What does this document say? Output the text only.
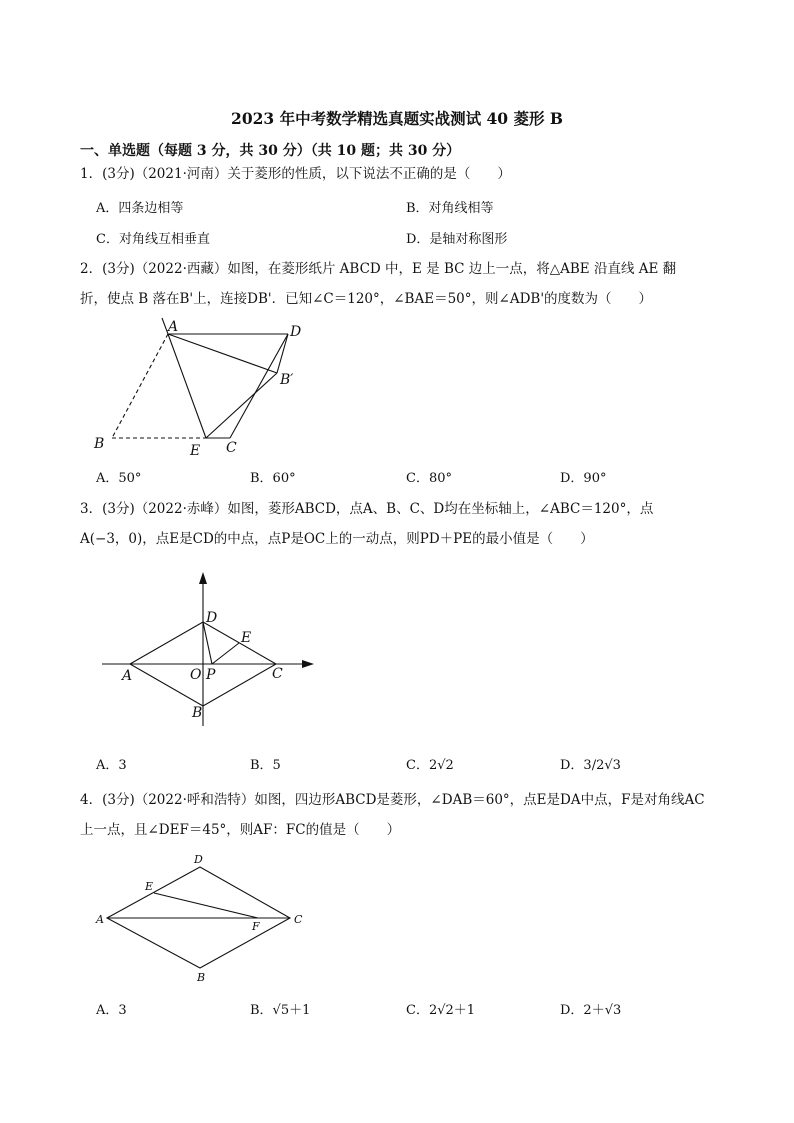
2023 年中考数学精选真题实战测试 40 菱形 B
一、单选题（每题 3 分，共 30 分）（共 10 题；共 30 分）
1．(3分)（2021·河南）关于菱形的性质，以下说法不正确的是（　　）
A．四条边相等	B．对角线相等
C．对角线互相垂直	D．是轴对称图形
2．(3分)（2022·西藏）如图，在菱形纸片 ABCD 中，E 是 BC 边上一点，将△ABE 沿直线 AE 翻
折，使点 B 落在B'上，连接DB'．已知∠C＝120°，∠BAE＝50°，则∠ADB'的度数为（　　）
A	D
B′
B	E C
A．50°	B．60°	C．80°	D．90°
3．(3分)（2022·赤峰）如图，菱形ABCD，点A、B、C、D均在坐标轴上，∠ABC＝120°，点
A(−3，0)，点E是CD的中点，点P是OC上的一动点，则PD＋PE的最小值是（　　）
D
E
A	O P	C
B
A．3	B．5	C．2√2	D．3/2√3
4．(3分)（2022·呼和浩特）如图，四边形ABCD是菱形，∠DAB＝60°，点E是DA中点，F是对角线AC
上一点，且∠DEF＝45°，则AF：FC的值是（　　）
D
E
A
F
C
B
A．3	B．√5＋1	C．2√2＋1	D．2＋√3
